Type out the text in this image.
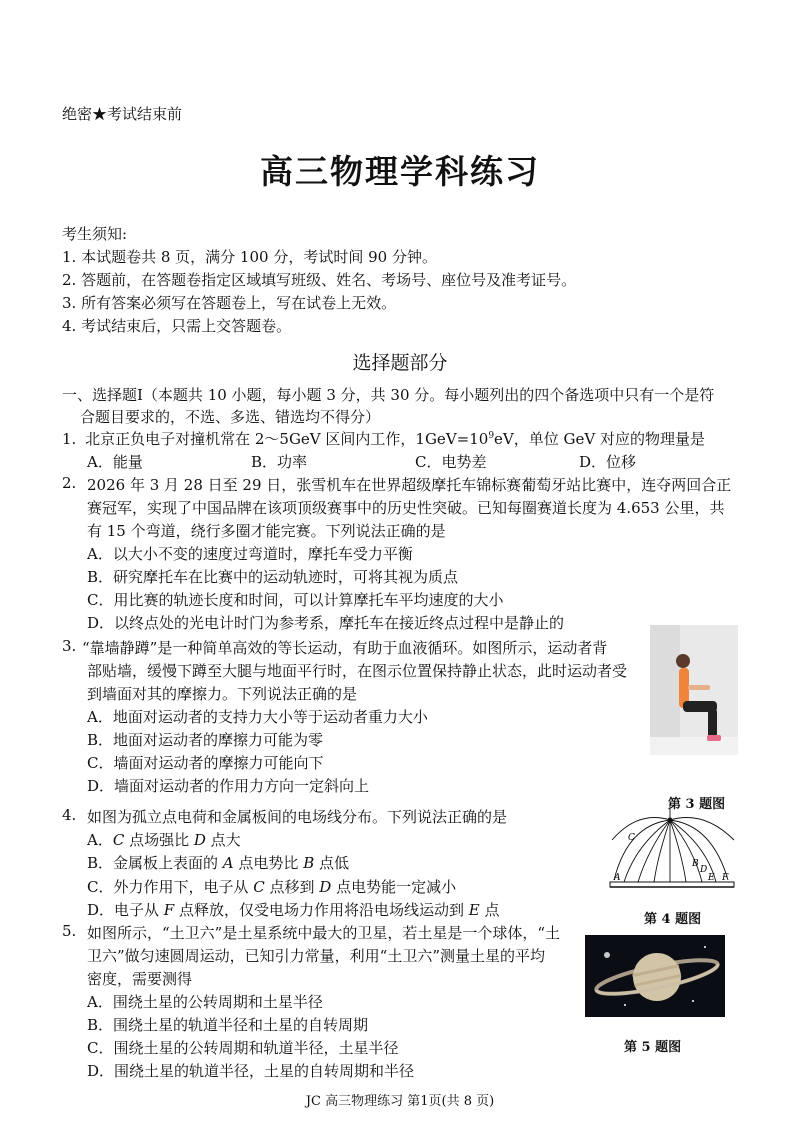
绝密★考试结束前
高三物理学科练习
考生须知:
1. 本试题卷共 8 页，满分 100 分，考试时间 90 分钟。
2. 答题前，在答题卷指定区域填写班级、姓名、考场号、座位号及准考证号。
3. 所有答案必须写在答题卷上，写在试卷上无效。
4. 考试结束后，只需上交答题卷。
选择题部分
一、选择题Ⅰ（本题共 10 小题，每小题 3 分，共 30 分。每小题列出的四个备选项中只有一个是符
合题目要求的，不选、多选、错选均不得分）
1. 北京正负电子对撞机常在 2～5GeV 区间内工作，$1GeV=10^9eV$，单位 GeV 对应的物理量是
A．能量	B．功率	C．电势差	D．位移
2. 2026 年 3 月 28 日至 29 日，张雪机车在世界超级摩托车锦标赛葡萄牙站比赛中，连夺两回合正
赛冠军，实现了中国品牌在该项顶级赛事中的历史性突破。已知每圈赛道长度为 4.653 公里，共
有 15 个弯道，绕行多圈才能完赛。下列说法正确的是
A．以大小不变的速度过弯道时，摩托车受力平衡
B．研究摩托车在比赛中的运动轨迹时，可将其视为质点
C．用比赛的轨迹长度和时间，可以计算摩托车平均速度的大小
D．以终点处的光电计时门为参考系，摩托车在接近终点过程中是静止的
3. “靠墙静蹲”是一种简单高效的等长运动，有助于血液循环。如图所示，运动者背
部贴墙，缓慢下蹲至大腿与地面平行时，在图示位置保持静止状态，此时运动者受
到墙面对其的摩擦力。下列说法正确的是
A．地面对运动者的支持力大小等于运动者重力大小
B．地面对运动者的摩擦力可能为零
C．墙面对运动者的摩擦力可能向下
D．墙面对运动者的作用力方向一定斜向上
第 3 题图
4. 如图为孤立点电荷和金属板间的电场线分布。下列说法正确的是
A．C 点场强比 D 点大
B．金属板上表面的 A 点电势比 B 点低
C．外力作用下，电子从 C 点移到 D 点电势能一定减小
D．电子从 F 点释放，仅受电场力作用将沿电场线运动到 E 点
C
A
B
D
E F
第 4 题图
5. 如图所示，“土卫六”是土星系统中最大的卫星，若土星是一个球体，“土
卫六”做匀速圆周运动，已知引力常量，利用“土卫六”测量土星的平均
密度，需要测得
A．围绕土星的公转周期和土星半径
B．围绕土星的轨道半径和土星的自转周期
C．围绕土星的公转周期和轨道半径，土星半径
D．围绕土星的轨道半径，土星的自转周期和半径
第 5 题图
JC 高三物理练习 第1页(共 8 页)
